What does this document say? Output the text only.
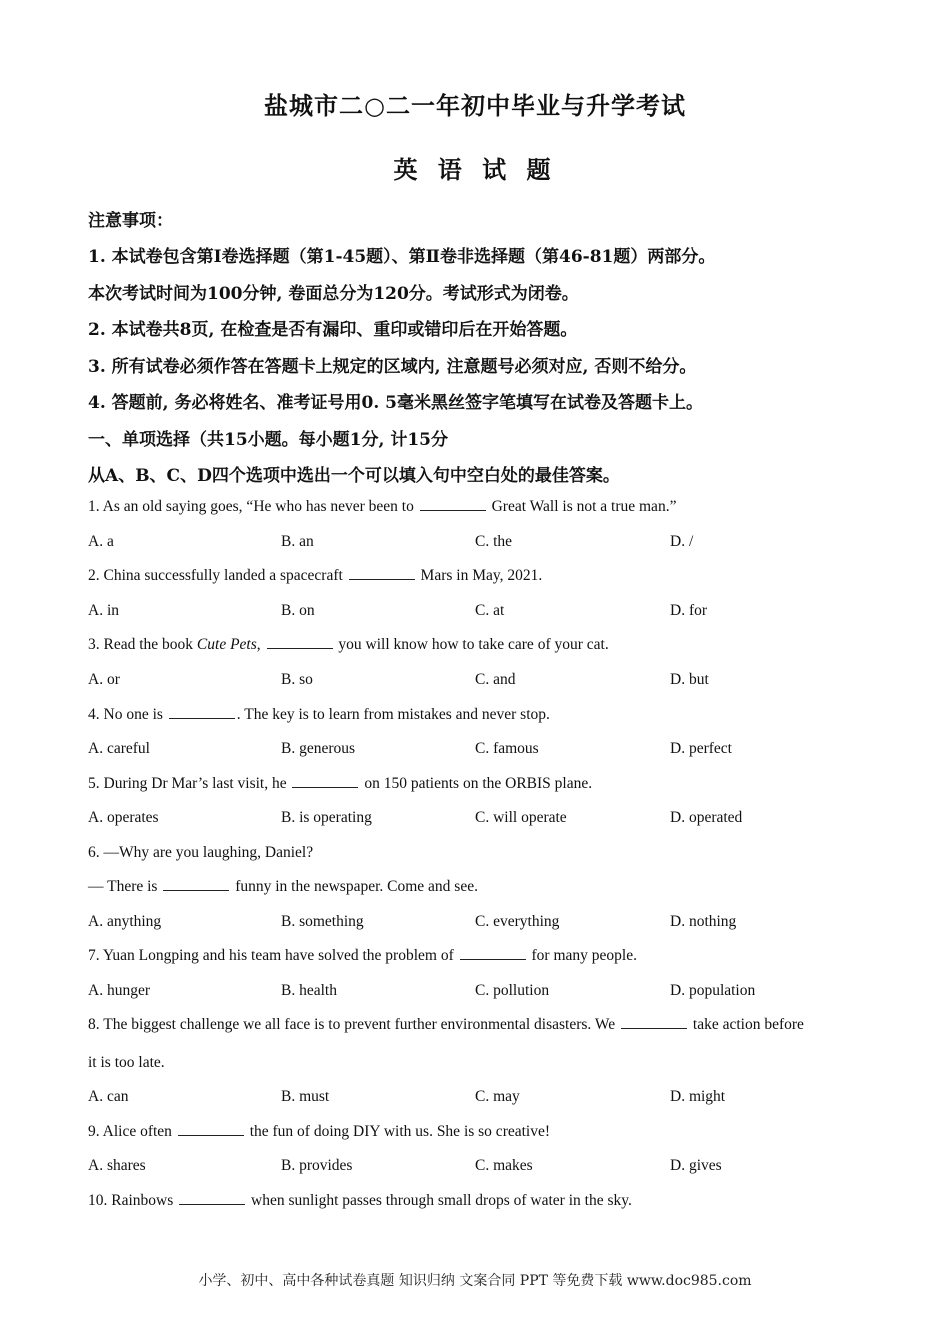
盐城市二○二一年初中毕业与升学考试
英 语 试 题
注意事项：
1. 本试卷包含第Ⅰ卷选择题（第1-45题）、第Ⅱ卷非选择题（第46-81题）两部分。
本次考试时间为100分钟, 卷面总分为120分。考试形式为闭卷。
2. 本试卷共8页, 在检查是否有漏印、重印或错印后在开始答题。
3. 所有试卷必须作答在答题卡上规定的区域内, 注意题号必须对应, 否则不给分。
4. 答题前, 务必将姓名、准考证号用0. 5毫米黑丝签字笔填写在试卷及答题卡上。
一、单项选择（共15小题。每小题1分, 计15分
从A、B、C、D四个选项中选出一个可以填入句中空白处的最佳答案。
1. As an old saying goes, “He who has never been to	Great Wall is not a true man.”
A. a	B. an	C. the	D. /
2. China successfully landed a spacecraft	Mars in May, 2021.
A. in	B. on	C. at	D. for
3. Read the book Cute Pets,	you will know how to take care of your cat.
A. or	B. so	C. and	D. but
4. No one is	. The key is to learn from mistakes and never stop.
A. careful	B. generous	C. famous	D. perfect
5. During Dr Mar’s last visit, he	on 150 patients on the ORBIS plane.
A. operates	B. is operating	C. will operate	D. operated
6. —Why are you laughing, Daniel?
— There is	funny in the newspaper. Come and see.
A. anything	B. something	C. everything	D. nothing
7. Yuan Longping and his team have solved the problem of	for many people.
A. hunger	B. health	C. pollution	D. population
8. The biggest challenge we all face is to prevent further environmental disasters. We	take action before
it is too late.
A. can	B. must	C. may	D. might
9. Alice often	the fun of doing DIY with us. She is so creative!
A. shares	B. provides	C. makes	D. gives
10. Rainbows	when sunlight passes through small drops of water in the sky.
小学、初中、高中各种试卷真题 知识归纳 文案合同 PPT 等免费下载 www.doc985.com
